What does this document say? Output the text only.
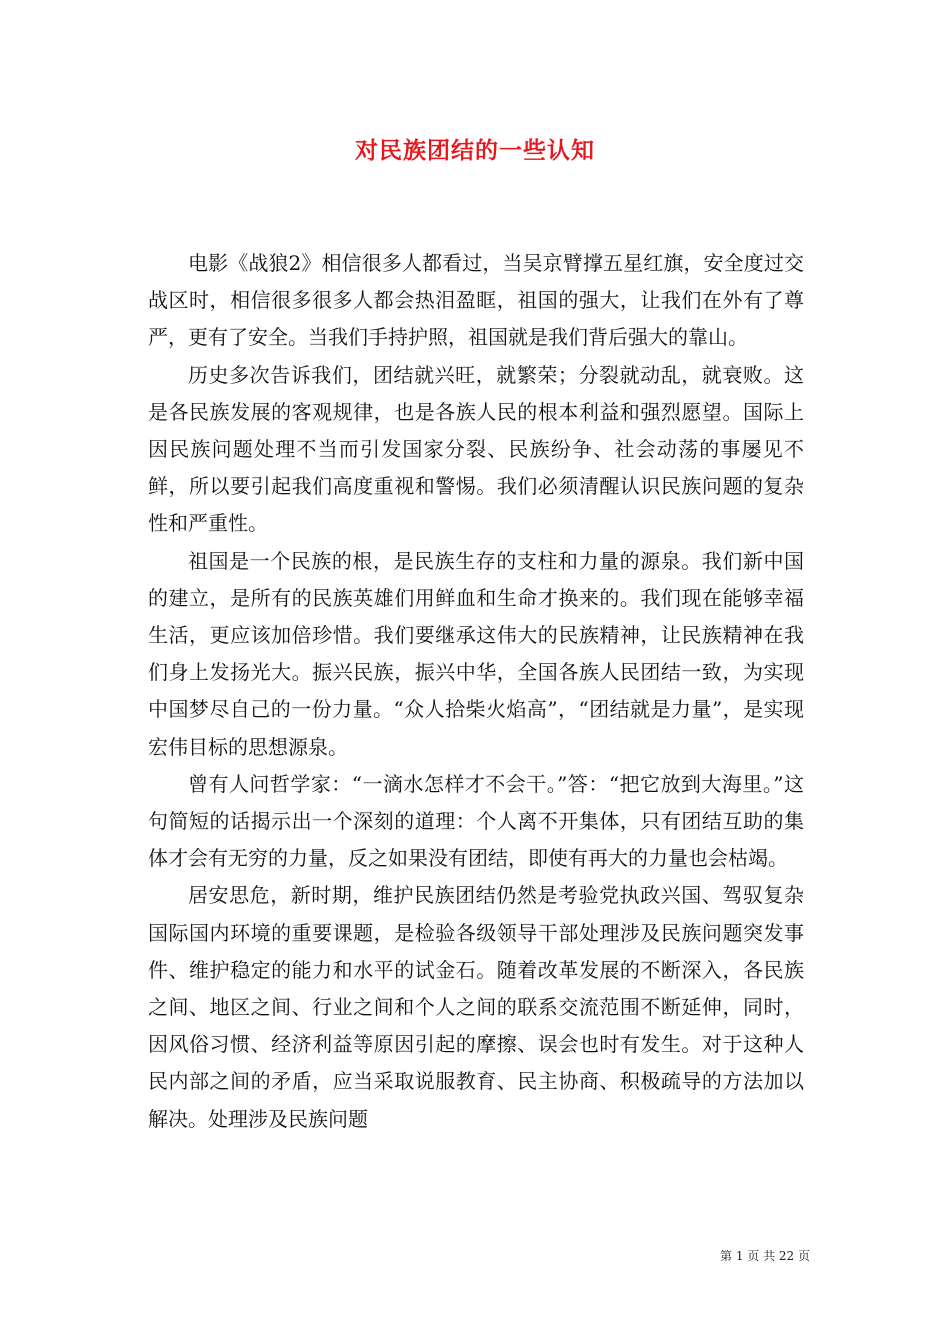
对民族团结的一些认知

电影《战狼2》相信很多人都看过，当吴京臂撑五星红旗，安全度过交战区时，相信很多很多人都会热泪盈眶，祖国的强大，让我们在外有了尊严，更有了安全。当我们手持护照，祖国就是我们背后强大的靠山。

历史多次告诉我们，团结就兴旺，就繁荣；分裂就动乱，就衰败。这是各民族发展的客观规律，也是各族人民的根本利益和强烈愿望。国际上因民族问题处理不当而引发国家分裂、民族纷争、社会动荡的事屡见不鲜，所以要引起我们高度重视和警惕。我们必须清醒认识民族问题的复杂性和严重性。

祖国是一个民族的根，是民族生存的支柱和力量的源泉。我们新中国的建立，是所有的民族英雄们用鲜血和生命才换来的。我们现在能够幸福生活，更应该加倍珍惜。我们要继承这伟大的民族精神，让民族精神在我们身上发扬光大。振兴民族，振兴中华，全国各族人民团结一致，为实现中国梦尽自己的一份力量。“众人拾柴火焰高”，“团结就是力量”，是实现宏伟目标的思想源泉。

曾有人问哲学家：“一滴水怎样才不会干。”答：“把它放到大海里。”这句简短的话揭示出一个深刻的道理：个人离不开集体，只有团结互助的集体才会有无穷的力量，反之如果没有团结，即使有再大的力量也会枯竭。

居安思危，新时期，维护民族团结仍然是考验党执政兴国、驾驭复杂国际国内环境的重要课题，是检验各级领导干部处理涉及民族问题突发事件、维护稳定的能力和水平的试金石。随着改革发展的不断深入，各民族之间、地区之间、行业之间和个人之间的联系交流范围不断延伸，同时，因风俗习惯、经济利益等原因引起的摩擦、误会也时有发生。对于这种人民内部之间的矛盾，应当采取说服教育、民主协商、积极疏导的方法加以解决。处理涉及民族问题

第 1 页 共 22 页
